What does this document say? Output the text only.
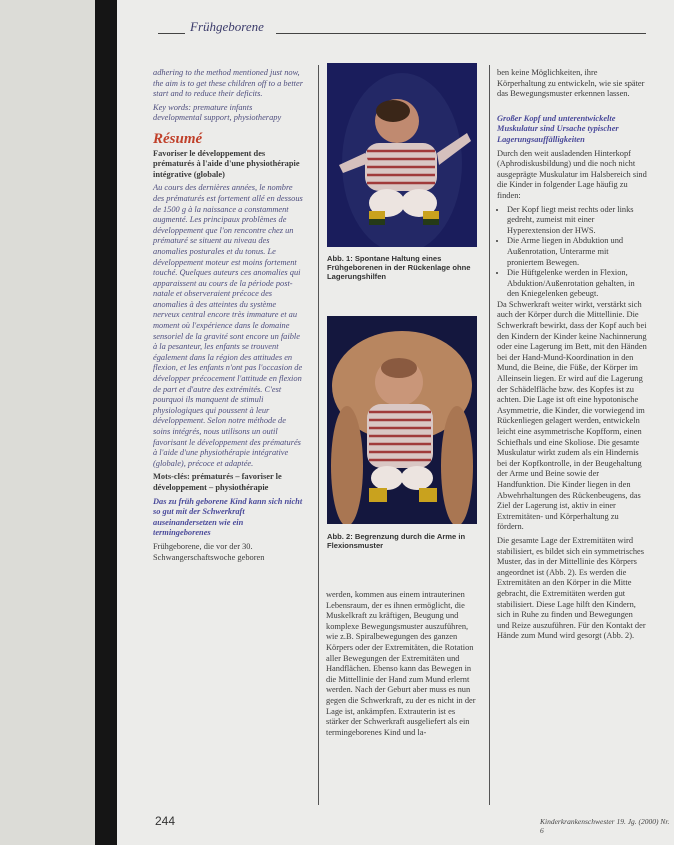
Frühgeborene

adhering to the method mentioned just now, the aim is to get these children off to a better start and to reduce their deficits.

Key words: premature infants developmental support, physiotherapy

Résumé

Favoriser le développement des prématurés à l'aide d'une physiothérapie intégrative (globale)

Au cours des dernières années, le nombre des prématurés est fortement allé en dessous de 1500 g à la naissance a constamment augmenté. Les principaux problèmes de développement que l'on rencontre chez un prématuré se situent au niveau des anomalies posturales et du tonus. Le développement moteur est moins fortement touché. Quelques auteurs ces anomalies qui apparaissent au cours de la période post-natale et observeraient précoce des anomalies à des atteintes du système nerveux central encore très immature et au moment où l'expérience dans le domaine sensoriel de la gravité sont encore un faible à la pesanteur, les enfants se trouvent également dans la région des attitudes en flexion, et les enfants n'ont pas l'occasion de développer précocement l'attitude en flexion de part et d'autre des extrémités. C'est pourquoi ils manquent de stimuli physiologiques qui poussent à leur développement. Selon notre méthode de soins intégrés, nous utilisons un outil favorisant le développement des prématurés à l'aide d'une physiothérapie intégrative (globale), précoce et adaptée.

Mots-clés: prématurés – favoriser le développement – physiothérapie

Das zu früh geborene Kind kann sich nicht so gut mit der Schwerkraft auseinandersetzen wie ein termingeborenes

Frühgeborene, die vor der 30. Schwangerschaftswoche geboren

Abb. 1: Spontane Haltung eines Frühgeborenen in der Rückenlage ohne Lagerungshilfen
Abb. 2: Begrenzung durch die Arme in Flexionsmuster

werden, kommen aus einem intrauterinen Lebensraum, der es ihnen ermöglicht, die Muskelkraft zu kräftigen, Beugung und komplexe Bewegungsmuster auszuführen, wie z.B. Spiralbewegungen des ganzen Körpers oder der Extremitäten, die Rotation aller Bewegungen der Extremitäten und Handflächen. Ebenso kann das Bewegen in die Mittellinie der Hand zum Mund erlernt werden. Nach der Geburt aber muss es nun gegen die Schwerkraft, zu der es nicht in der Lage ist, ankämpfen. Extrauterin ist es stärker der Schwerkraft ausgeliefert als ein termingeborenes Kind und la-

ben keine Möglichkeiten, ihre Körperhaltung zu entwickeln, wie sie später das Bewegungsmuster erkennen lassen.

Großer Kopf und unterentwickelte Muskulatur sind Ursache typischer Lagerungsauffälligkeiten

Durch den weit ausladenden Hinterkopf (Aphrodiskusbildung) und die noch nicht ausgeprägte Muskulatur im Halsbereich sind die Kinder in folgender Lage häufig zu finden:

• Der Kopf liegt meist rechts oder links gedreht, zumeist mit einer Hyperextension der HWS.
• Die Arme liegen in Abduktion und Außenrotation, Unterarme mit proniertem Bewegen.
• Die Hüftgelenke werden in Flexion, Abduktion/Außenrotation gehalten, in den Kniegelenken gebeugt.

Da Schwerkraft weiter wirkt, verstärkt sich auch der Körper durch die Mittellinie. Die Schwerkraft bewirkt, dass der Kopf auch bei den Kindern der Kinder keine Nachinnerung oder eine Lagerung im Bett, mit den Händen bei der Hand-Mund-Koordination in den Mund, die Beine, die Füße, der Körper im Alleinsein liegen. Er wird auf die Lagerung der Schädelfläche bzw. des Kopfes ist zu achten. Die Lage ist oft eine hypotonische Asymmetrie, die Kinder, die vorwiegend im Rückenliegen gelagert werden, entwickeln leicht eine asymmetrische Kopfform, einen Schiefhals und eine Skoliose. Die gesamte Muskulatur wirkt zudem als ein Hindernis bei der Kopfkontrolle, in der Beugehaltung der Arme und Beine sowie der Handfunktion. Die Kinder liegen in den Abwehrhaltungen des Rückenbeugens, das Ziel der Lagerung ist, aktiv in einer Extremitäten- und Körperhaltung zu fördern.

Die gesamte Lage der Extremitäten wird stabilisiert, es bildet sich ein symmetrisches Muster, das in der Mittellinie des Körpers angeordnet ist (Abb. 2). Es werden die Extremitäten an den Körper in die Mitte gebracht, die Extremitäten werden gut stabilisiert. Diese Lage hilft den Kindern, sich in Ruhe zu finden und Bewegungen und Reize auszuführen. Für den Kontakt der Hände zum Mund wird gesorgt (Abb. 2).

244	Kinderkrankenschwester 19. Jg. (2000) Nr. 6
